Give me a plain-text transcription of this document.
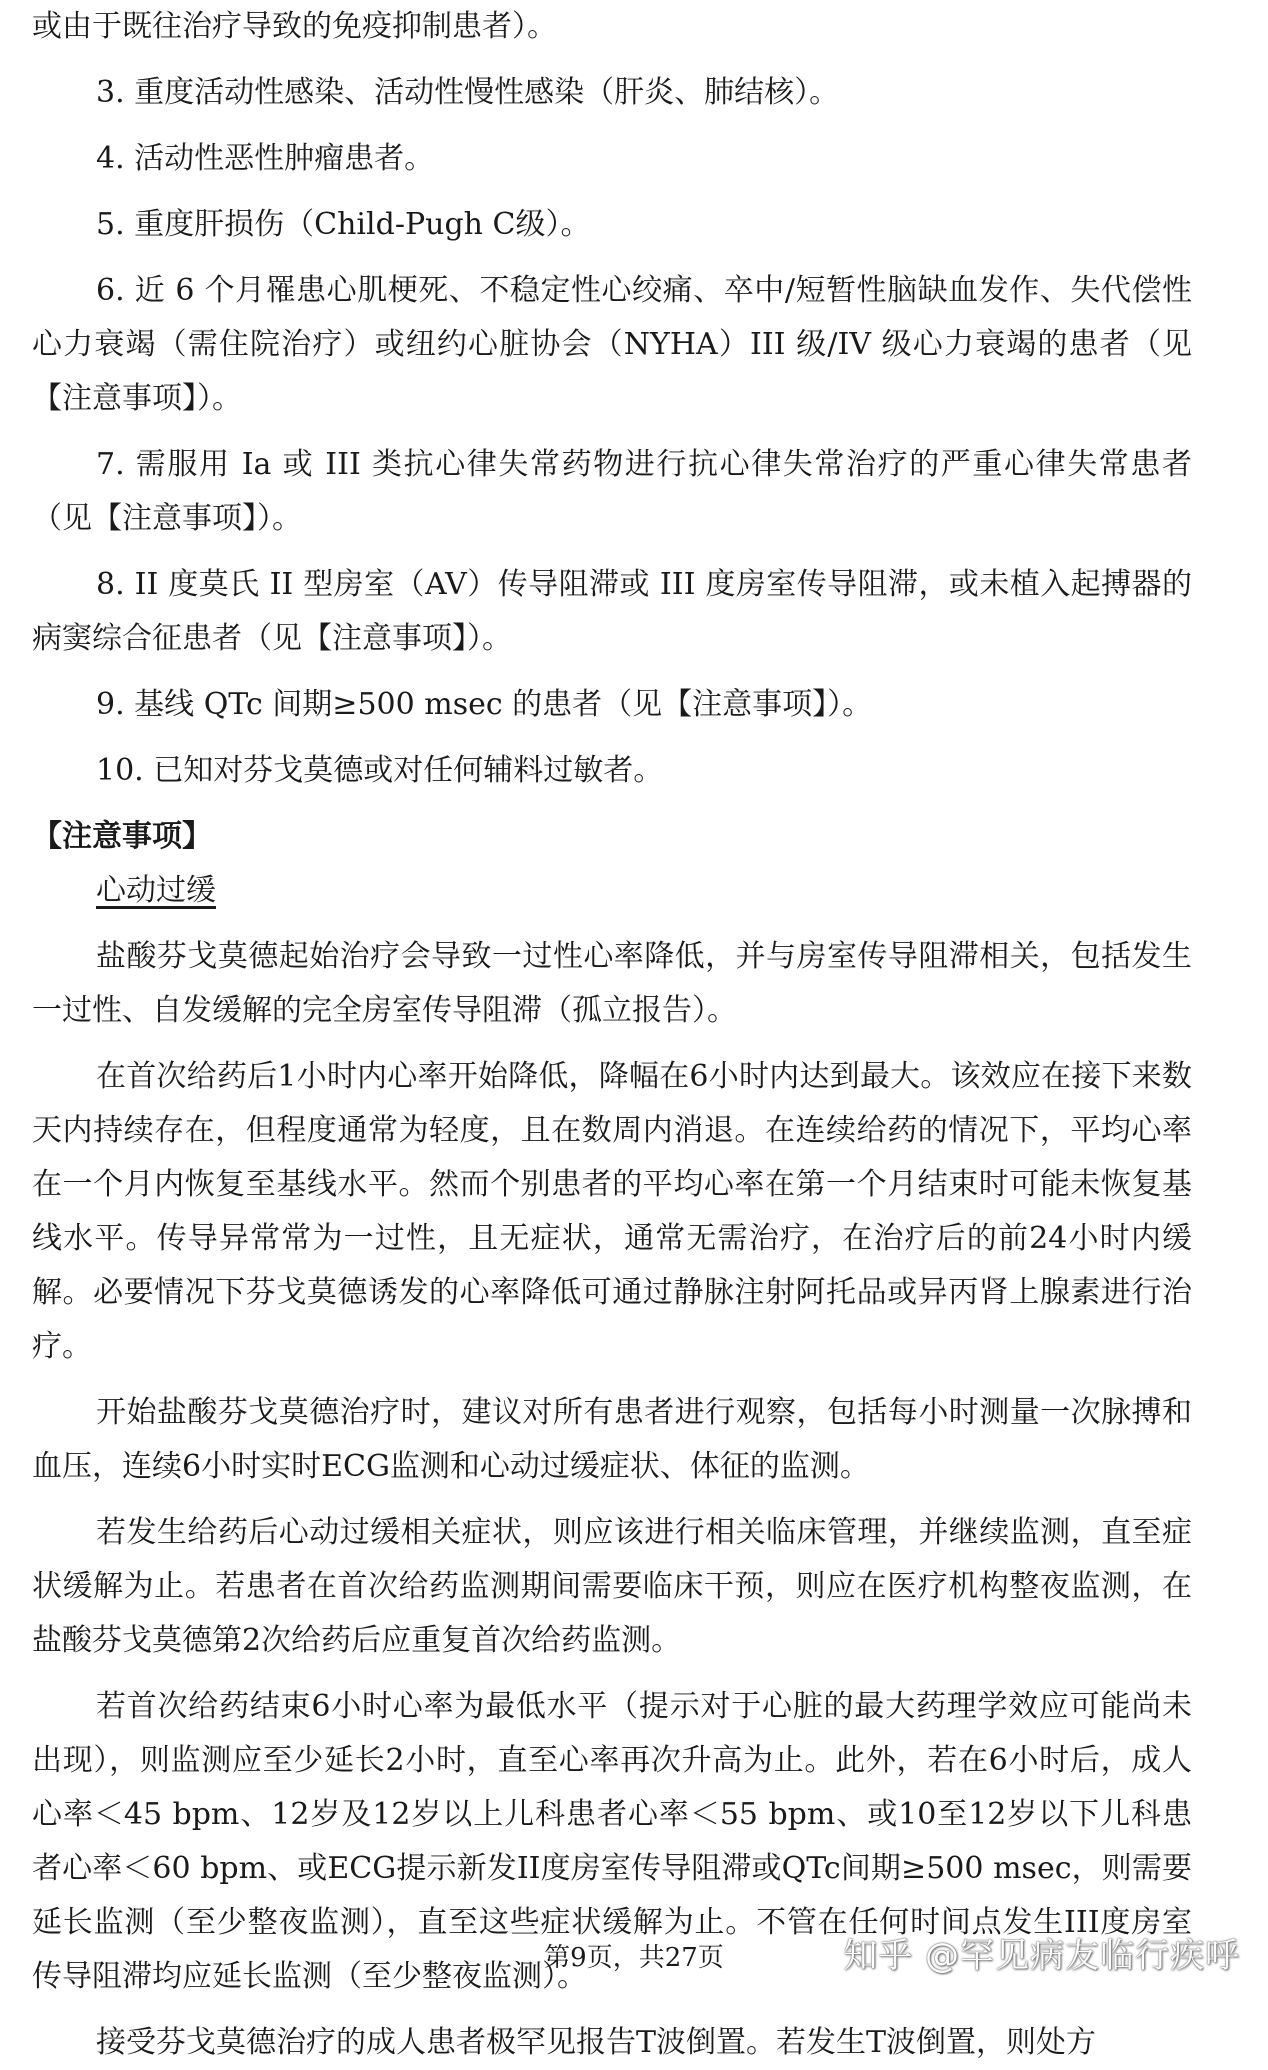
或由于既往治疗导致的免疫抑制患者）。

3. 重度活动性感染、活动性慢性感染（肝炎、肺结核）。

4. 活动性恶性肿瘤患者。

5. 重度肝损伤（Child-Pugh C级）。

6. 近 6 个月罹患心肌梗死、不稳定性心绞痛、卒中/短暂性脑缺血发作、失代偿性心力衰竭（需住院治疗）或纽约心脏协会（NYHA）III 级/IV 级心力衰竭的患者（见【注意事项】）。

7. 需服用 Ia 或 III 类抗心律失常药物进行抗心律失常治疗的严重心律失常患者（见【注意事项】）。

8. II 度莫氏 II 型房室（AV）传导阻滞或 III 度房室传导阻滞，或未植入起搏器的病窦综合征患者（见【注意事项】）。

9. 基线 QTc 间期≥500 msec 的患者（见【注意事项】）。

10. 已知对芬戈莫德或对任何辅料过敏者。

【注意事项】

心动过缓

盐酸芬戈莫德起始治疗会导致一过性心率降低，并与房室传导阻滞相关，包括发生一过性、自发缓解的完全房室传导阻滞（孤立报告）。

在首次给药后1小时内心率开始降低，降幅在6小时内达到最大。该效应在接下来数天内持续存在，但程度通常为轻度，且在数周内消退。在连续给药的情况下，平均心率在一个月内恢复至基线水平。然而个别患者的平均心率在第一个月结束时可能未恢复基线水平。传导异常常为一过性，且无症状，通常无需治疗，在治疗后的前24小时内缓解。必要情况下芬戈莫德诱发的心率降低可通过静脉注射阿托品或异丙肾上腺素进行治疗。

开始盐酸芬戈莫德治疗时，建议对所有患者进行观察，包括每小时测量一次脉搏和血压，连续6小时实时ECG监测和心动过缓症状、体征的监测。

若发生给药后心动过缓相关症状，则应该进行相关临床管理，并继续监测，直至症状缓解为止。若患者在首次给药监测期间需要临床干预，则应在医疗机构整夜监测，在盐酸芬戈莫德第2次给药后应重复首次给药监测。

若首次给药结束6小时心率为最低水平（提示对于心脏的最大药理学效应可能尚未出现），则监测应至少延长2小时，直至心率再次升高为止。此外，若在6小时后，成人心率＜45 bpm、12岁及12岁以上儿科患者心率＜55 bpm、或10至12岁以下儿科患者心率＜60 bpm、或ECG提示新发II度房室传导阻滞或QTc间期≥500 msec，则需要延长监测（至少整夜监测），直至这些症状缓解为止。不管在任何时间点发生III度房室传导阻滞均应延长监测（至少整夜监测）。

接受芬戈莫德治疗的成人患者极罕见报告T波倒置。若发生T波倒置，则处方

第9页，共27页	知乎 @罕见病友临行疾呼
